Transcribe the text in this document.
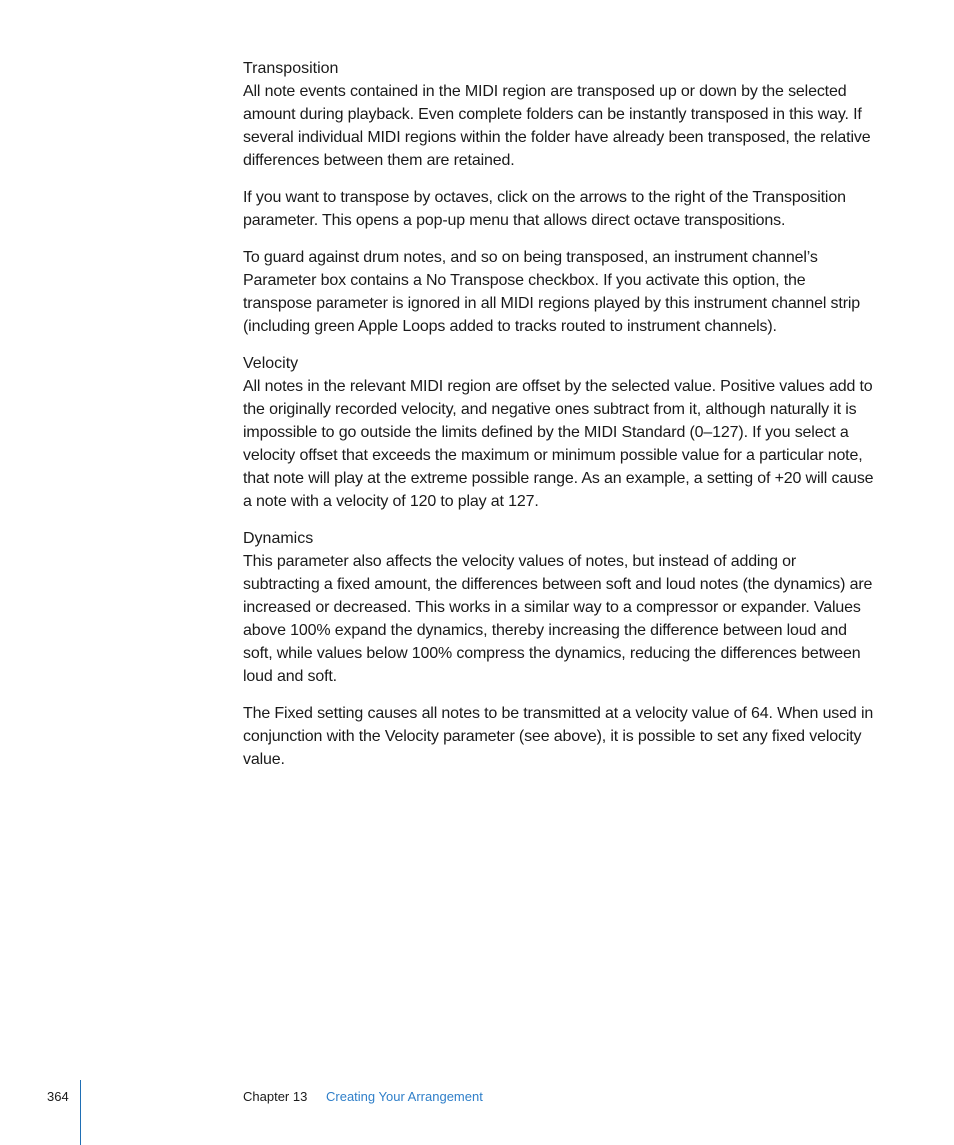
Transposition

All note events contained in the MIDI region are transposed up or down by the selected amount during playback. Even complete folders can be instantly transposed in this way. If several individual MIDI regions within the folder have already been transposed, the relative differences between them are retained.

If you want to transpose by octaves, click on the arrows to the right of the Transposition parameter. This opens a pop-up menu that allows direct octave transpositions.

To guard against drum notes, and so on being transposed, an instrument channel’s Parameter box contains a No Transpose checkbox. If you activate this option, the transpose parameter is ignored in all MIDI regions played by this instrument channel strip (including green Apple Loops added to tracks routed to instrument channels).

Velocity

All notes in the relevant MIDI region are offset by the selected value. Positive values add to the originally recorded velocity, and negative ones subtract from it, although naturally it is impossible to go outside the limits defined by the MIDI Standard (0–127). If you select a velocity offset that exceeds the maximum or minimum possible value for a particular note, that note will play at the extreme possible range. As an example, a setting of +20 will cause a note with a velocity of 120 to play at 127.

Dynamics

This parameter also affects the velocity values of notes, but instead of adding or subtracting a fixed amount, the differences between soft and loud notes (the dynamics) are increased or decreased. This works in a similar way to a compressor or expander. Values above 100% expand the dynamics, thereby increasing the difference between loud and soft, while values below 100% compress the dynamics, reducing the differences between loud and soft.

The Fixed setting causes all notes to be transmitted at a velocity value of 64. When used in conjunction with the Velocity parameter (see above), it is possible to set any fixed velocity value.

364	Chapter 13 Creating Your Arrangement
